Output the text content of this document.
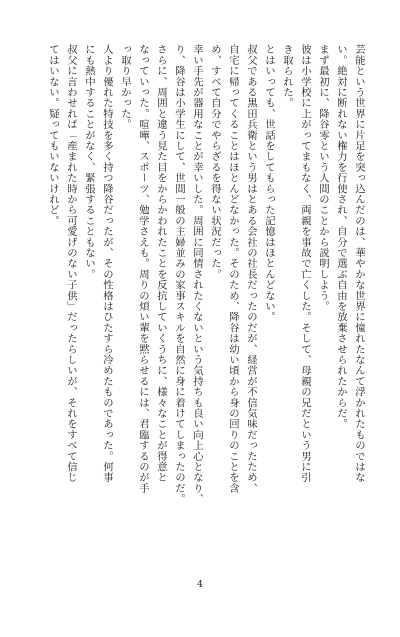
芸能という世界に片足を突っ込んだのは、華やかな世界に憧れたなんて浮かれたものではな
い。絶対に断れない権力を行使され、自分で選ぶ自由を放棄させられたからだ。
まず最初に、降谷零という人間のことから説明しよう。
彼は小学校に上がってまもなく、両親を事故で亡くした。そして、母親の兄だという男に引
き取られた。
とはいっても、世話をしてもらった記憶はほとんどない。
叔父である黒田兵衛という男はとある会社の社長だったのだが、経営が不信気味だったため、
自宅に帰ってくることはほとんどなかった。そのため、降谷は幼い頃から身の回りのことを含
め、すべて自分でやらざるを得ない状況だった。
幸い手先が器用なことが幸いした。周囲に同情されたくないという気持ちも良い向上心となり、
り、降谷は小学生にして、世間一般の主婦並みの家事スキルを自然に身に着けてしまったのだ。
さらに、周囲と違う見た目をからかわれたことを反抗していくうちに、様々なことが得意と
なっていった。喧嘩、スポーツ、勉学さえも。周りの煩い輩を黙らせるには、君臨するのが手
っ取り早かった。
人より優れた特技を多く持つ降谷だったが、その性格はひたすら冷めたものであった。何事
にも熱中することがなく、緊張することもない。
叔父に言わせれば「産まれた時から可愛げのない子供」だったらしいが、それをすべて信じ
てはいない。疑ってもいないけれど。
4
